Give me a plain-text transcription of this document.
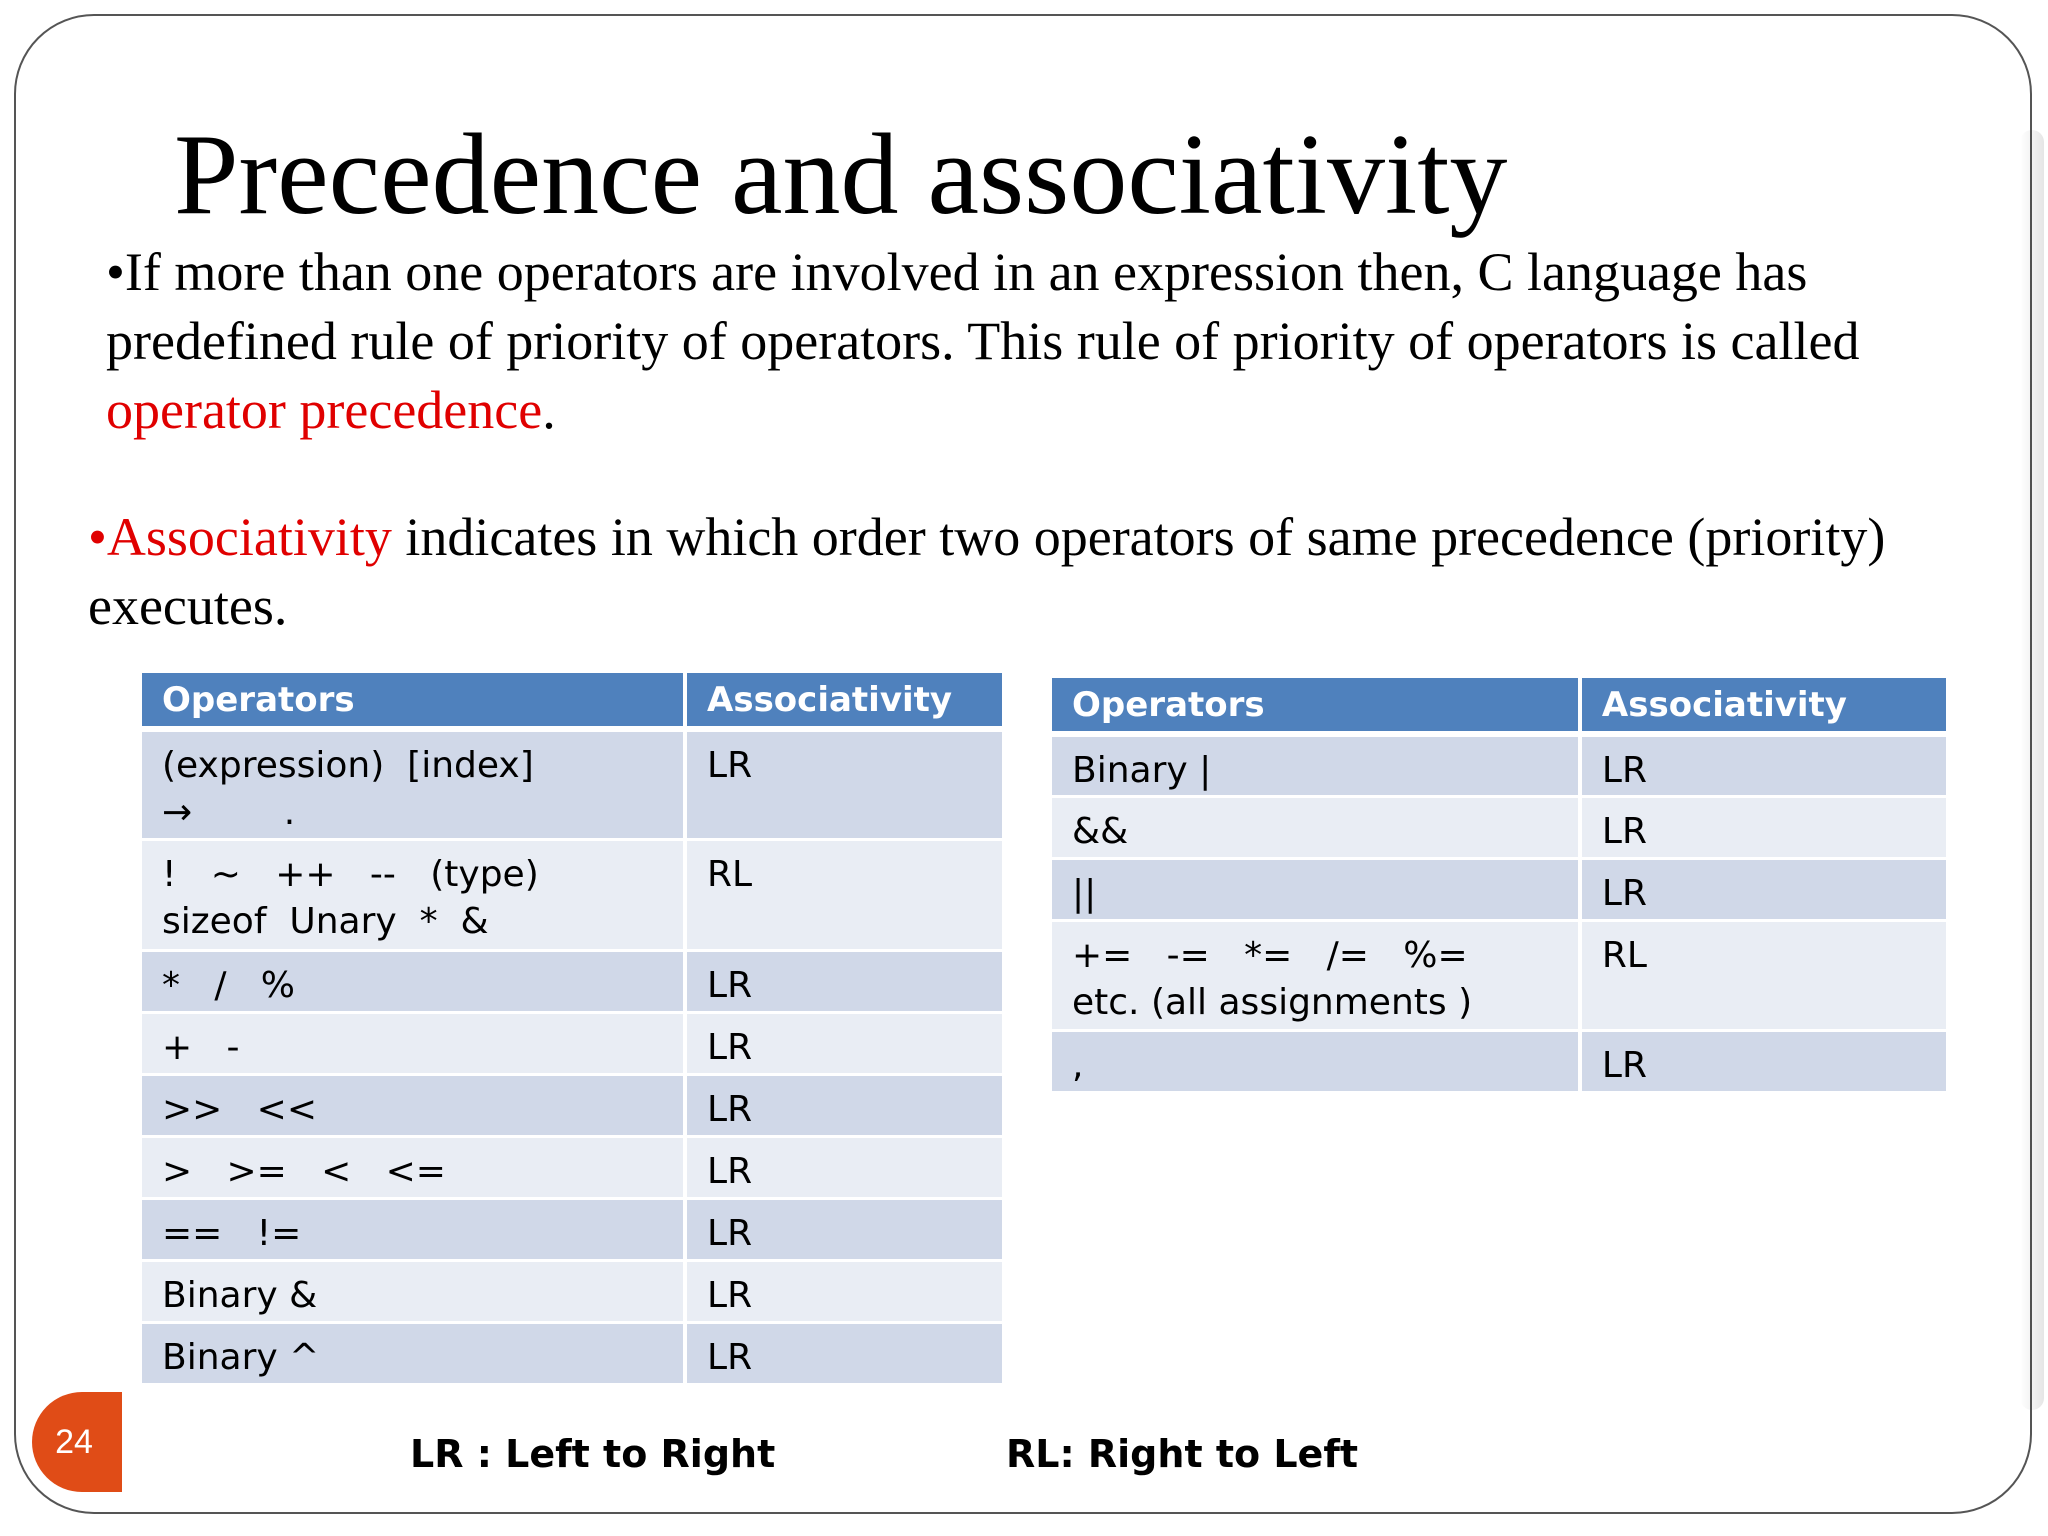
Precedence and associativity

•If more than one operators are involved in an expression then, C language has predefined rule of priority of operators. This rule of priority of operators is called operator precedence.

•Associativity indicates in which order two operators of same precedence (priority) executes.

Operators	Associativity
(expression)  [index]
→        .	LR
!   ~   ++   --   (type)
sizeof  Unary  *  &	RL
*   /   %	LR
+   -	LR
>>   <<	LR
>   >=   <   <=	LR
==   !=	LR
Binary &	LR
Binary ^	LR
Operators	Associativity
Binary |	LR
&&	LR
||	LR
+=   -=   *=   /=   %=
etc. (all assignments )	RL
,	LR
24	LR : Left to Right	RL: Right to Left
